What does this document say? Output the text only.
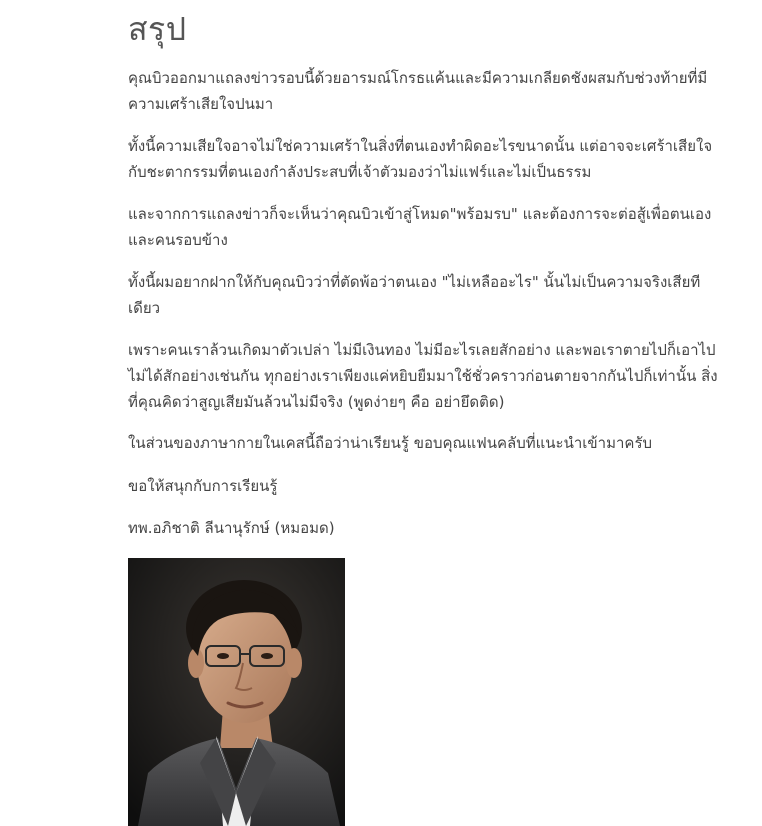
สรุป

คุณบิวออกมาแถลงข่าวรอบนี้ด้วยอารมณ์โกรธแค้นและมีความเกลียดชังผสมกับช่วงท้ายที่มีความเศร้าเสียใจปนมา

ทั้งนี้ความเสียใจอาจไม่ใช่ความเศร้าในสิ่งที่ตนเองทำผิดอะไรขนาดนั้น แต่อาจจะเศร้าเสียใจกับชะตากรรมที่ตนเองกำลังประสบที่เจ้าตัวมองว่าไม่แฟร์และไม่เป็นธรรม

และจากการแถลงข่าวก็จะเห็นว่าคุณบิวเข้าสู่โหมด"พร้อมรบ" และต้องการจะต่อสู้เพื่อตนเองและคนรอบข้าง

ทั้งนี้ผมอยากฝากให้กับคุณบิวว่าที่ตัดพ้อว่าตนเอง "ไม่เหลืออะไร" นั้นไม่เป็นความจริงเสียทีเดียว

เพราะคนเราล้วนเกิดมาตัวเปล่า ไม่มีเงินทอง ไม่มีอะไรเลยสักอย่าง และพอเราตายไปก็เอาไปไม่ได้สักอย่างเช่นกัน ทุกอย่างเราเพียงแค่หยิบยืมมาใช้ชั่วคราวก่อนตายจากกันไปก็เท่านั้น สิ่งที่คุณคิดว่าสูญเสียมันล้วนไม่มีจริง (พูดง่ายๆ คือ อย่ายึดติด)

ในส่วนของภาษากายในเคสนี้ถือว่าน่าเรียนรู้ ขอบคุณแฟนคลับที่แนะนำเข้ามาครับ

ขอให้สนุกกับการเรียนรู้

ทพ.อภิชาติ ลีนานุรักษ์ (หมอมด)
